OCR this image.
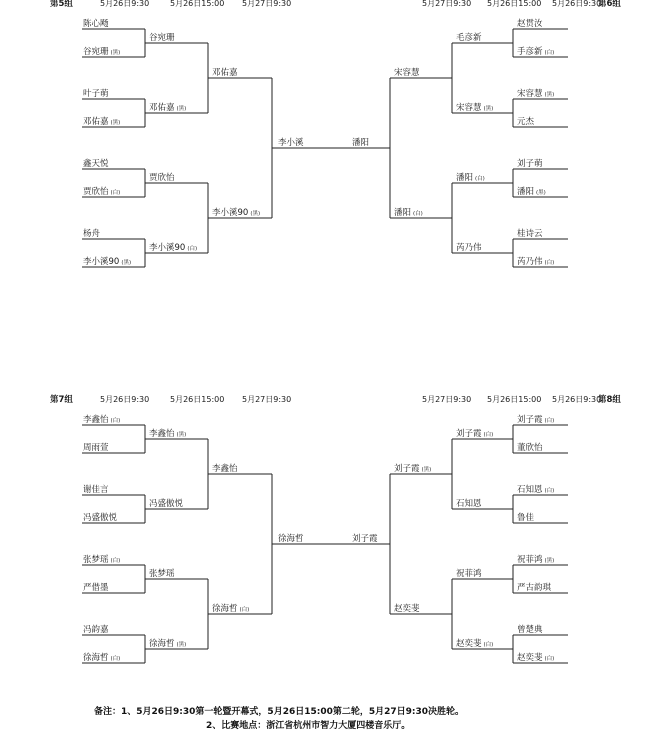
第5组	5月26日9:30	5月26日15:00 5月27日9:30
陈心飏
谷宛珊 (黑)
叶子萌
邓佑嘉 (黑)
鑫天悦
贾欣怡 (白)
杨舟
李小溪90 (黑)
谷宛珊
邓佑嘉 (黑)
贾欣怡
李小溪90 (白)
邓佑嘉
李小溪90 (黑)
李小溪
第6组
5月27日9:30 5月26日15:00 5月26日9:30
赵贯汝
手彦新 (白)
宋容慧 (黑)
元杰
刘子萌
潘阳 (黑)
桂诗云
芮乃伟 (白)
毛彦新
宋容慧 (黑)
潘阳 (白)
芮乃伟
宋容慧
潘阳 (白)
潘阳
第7组	5月26日9:30	5月26日15:00 5月27日9:30
李鑫怡 (白)
周雨萱
谢佳言
冯盛傲悦
张梦瑶 (白)
严借墨
冯韵嘉
徐海哲 (白)
李鑫怡 (黑)
冯盛傲悦
张梦瑶
徐海哲 (黑)
李鑫怡
徐海哲 (白)
徐海哲
第8组
5月27日9:30 5月26日15:00 5月26日9:30
刘子霞 (白)
董欣怡
石知恩 (白)
鲁佳
祝菲鸿 (黑)
严古韵琪
曾楚典
赵奕斐 (白)
刘子霞 (白)
石知恩
祝菲鸿
赵奕斐 (白)
刘子霞 (黑)
赵奕斐
刘子霞
备注：1、5月26日9:30第一轮暨开幕式，5月26日15:00第二轮，5月27日9:30决胜轮。
2、比赛地点：浙江省杭州市智力大厦四楼音乐厅。
